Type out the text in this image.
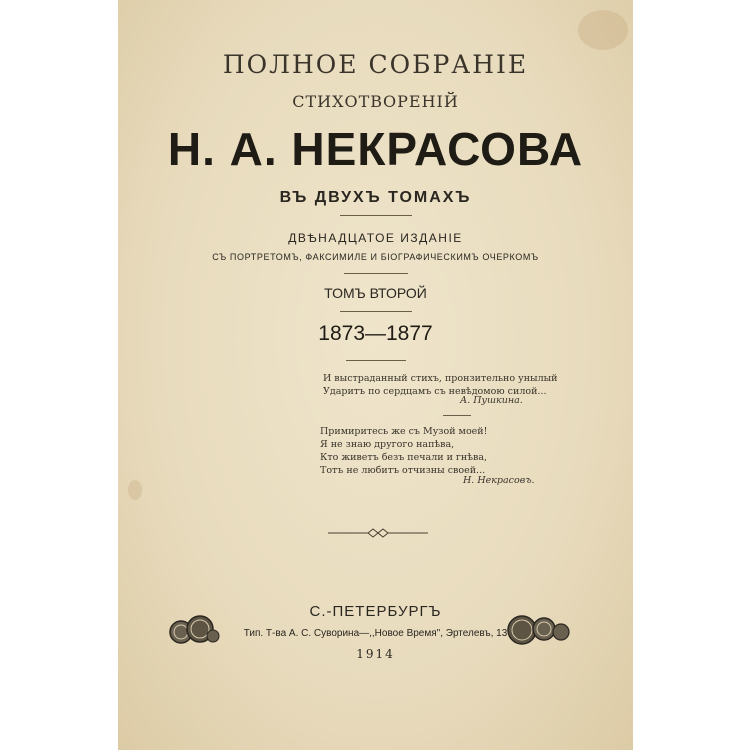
ПОЛНОЕ СОБРАНІЕ
СТИХОТВОРЕНІЙ
Н. А. НЕКРАСОВА
ВЪ ДВУХЪ ТОМАХЪ
ДВѢНАДЦАТОЕ ИЗДАНІЕ
СЪ ПОРТРЕТОМЪ, ФАКСИМИЛЕ И БІОГРАФИЧЕСКИМЪ ОЧЕРКОМЪ
ТОМЪ ВТОРОЙ
1873—1877
И выстраданный стихъ, пронзительно унылый
Ударитъ по сердцамъ съ невѣдомою силой...
А. Пушкина.
Примиритесь же съ Музой моей!
Я не знаю другого напѣва,
Кто живетъ безъ печали и гнѣва,
Тотъ не любитъ отчизны своей...
Н. Некрасовъ.
С.-ПЕТЕРБУРГЪ
Тип. Т-ва А. С. Суворина—,,Новое Время", Эртелевъ, 13
1914
